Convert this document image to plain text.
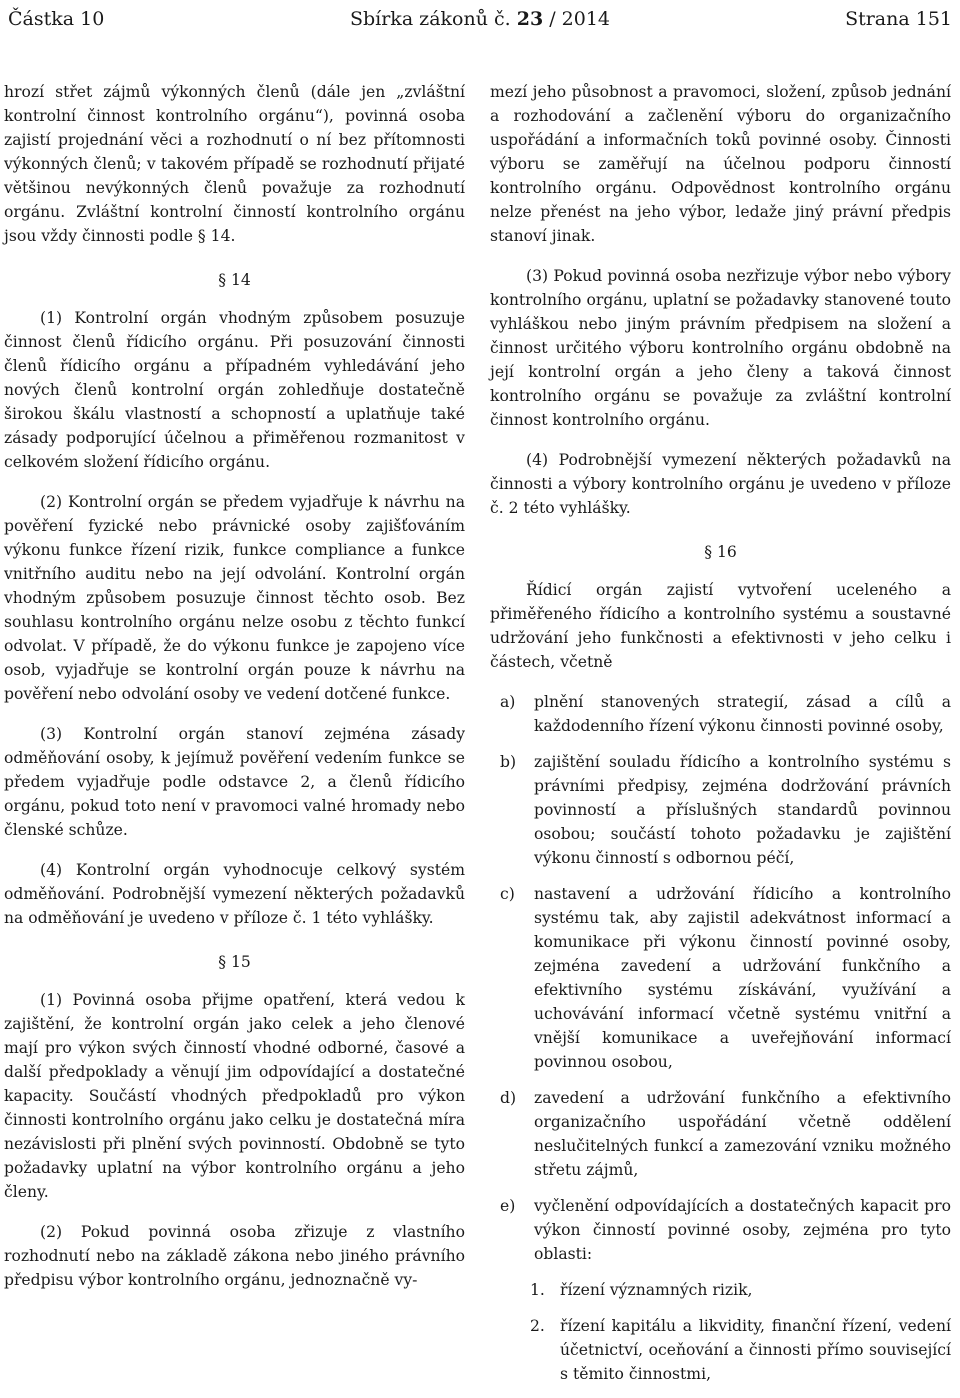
Částka 10	Sbírka zákonů č. 23 / 2014	Strana 151

hrozí střet zájmů výkonných členů (dále jen „zvláštní kontrolní činnost kontrolního orgánu“), povinná osoba zajistí projednání věci a rozhodnutí o ní bez přítomnosti výkonných členů; v takovém případě se rozhodnutí přijaté většinou nevýkonných členů považuje za rozhodnutí orgánu. Zvláštní kontrolní činností kontrolního orgánu jsou vždy činnosti podle § 14.

§ 14

(1) Kontrolní orgán vhodným způsobem posuzuje činnost členů řídicího orgánu. Při posuzování činnosti členů řídicího orgánu a případném vyhledávání jeho nových členů kontrolní orgán zohledňuje dostatečně širokou škálu vlastností a schopností a uplatňuje také zásady podporující účelnou a přiměřenou rozmanitost v celkovém složení řídicího orgánu.

(2) Kontrolní orgán se předem vyjadřuje k návrhu na pověření fyzické nebo právnické osoby zajišťováním výkonu funkce řízení rizik, funkce compliance a funkce vnitřního auditu nebo na její odvolání. Kontrolní orgán vhodným způsobem posuzuje činnost těchto osob. Bez souhlasu kontrolního orgánu nelze osobu z těchto funkcí odvolat. V případě, že do výkonu funkce je zapojeno více osob, vyjadřuje se kontrolní orgán pouze k návrhu na pověření nebo odvolání osoby ve vedení dotčené funkce.

(3) Kontrolní orgán stanoví zejména zásady odměňování osoby, k jejímuž pověření vedením funkce se předem vyjadřuje podle odstavce 2, a členů řídicího orgánu, pokud toto není v pravomoci valné hromady nebo členské schůze.

(4) Kontrolní orgán vyhodnocuje celkový systém odměňování. Podrobnější vymezení některých požadavků na odměňování je uvedeno v příloze č. 1 této vyhlášky.

§ 15

(1) Povinná osoba přijme opatření, která vedou k zajištění, že kontrolní orgán jako celek a jeho členové mají pro výkon svých činností vhodné odborné, časové a další předpoklady a věnují jim odpovídající a dostatečné kapacity. Součástí vhodných předpokladů pro výkon činnosti kontrolního orgánu jako celku je dostatečná míra nezávislosti při plnění svých povinností. Obdobně se tyto požadavky uplatní na výbor kontrolního orgánu a jeho členy.

(2) Pokud povinná osoba zřizuje z vlastního rozhodnutí nebo na základě zákona nebo jiného právního předpisu výbor kontrolního orgánu, jednoznačně vy-

mezí jeho působnost a pravomoci, složení, způsob jednání a rozhodování a začlenění výboru do organizačního uspořádání a informačních toků povinné osoby. Činnosti výboru se zaměřují na účelnou podporu činností kontrolního orgánu. Odpovědnost kontrolního orgánu nelze přenést na jeho výbor, ledaže jiný právní předpis stanoví jinak.

(3) Pokud povinná osoba nezřizuje výbor nebo výbory kontrolního orgánu, uplatní se požadavky stanovené touto vyhláškou nebo jiným právním předpisem na složení a činnost určitého výboru kontrolního orgánu obdobně na její kontrolní orgán a jeho členy a taková činnost kontrolního orgánu se považuje za zvláštní kontrolní činnost kontrolního orgánu.

(4) Podrobnější vymezení některých požadavků na činnosti a výbory kontrolního orgánu je uvedeno v příloze č. 2 této vyhlášky.

§ 16

Řídicí orgán zajistí vytvoření uceleného a přiměřeného řídicího a kontrolního systému a soustavné udržování jeho funkčnosti a efektivnosti v jeho celku i částech, včetně

a) plnění stanovených strategií, zásad a cílů a každodenního řízení výkonu činnosti povinné osoby,
b) zajištění souladu řídicího a kontrolního systému s právními předpisy, zejména dodržování právních povinností a příslušných standardů povinnou osobou; součástí tohoto požadavku je zajištění výkonu činností s odbornou péčí,
c) nastavení a udržování řídicího a kontrolního systému tak, aby zajistil adekvátnost informací a komunikace při výkonu činností povinné osoby, zejména zavedení a udržování funkčního a efektivního systému získávání, využívání a uchovávání informací včetně systému vnitřní a vnější komunikace a uveřejňování informací povinnou osobou,
d) zavedení a udržování funkčního a efektivního organizačního uspořádání včetně oddělení neslučitelných funkcí a zamezování vzniku možného střetu zájmů,
e) vyčlenění odpovídajících a dostatečných kapacit pro výkon činností povinné osoby, zejména pro tyto oblasti:
1. řízení významných rizik,
2. řízení kapitálu a likvidity, finanční řízení, vedení účetnictví, oceňování a činnosti přímo související s těmito činnostmi,
